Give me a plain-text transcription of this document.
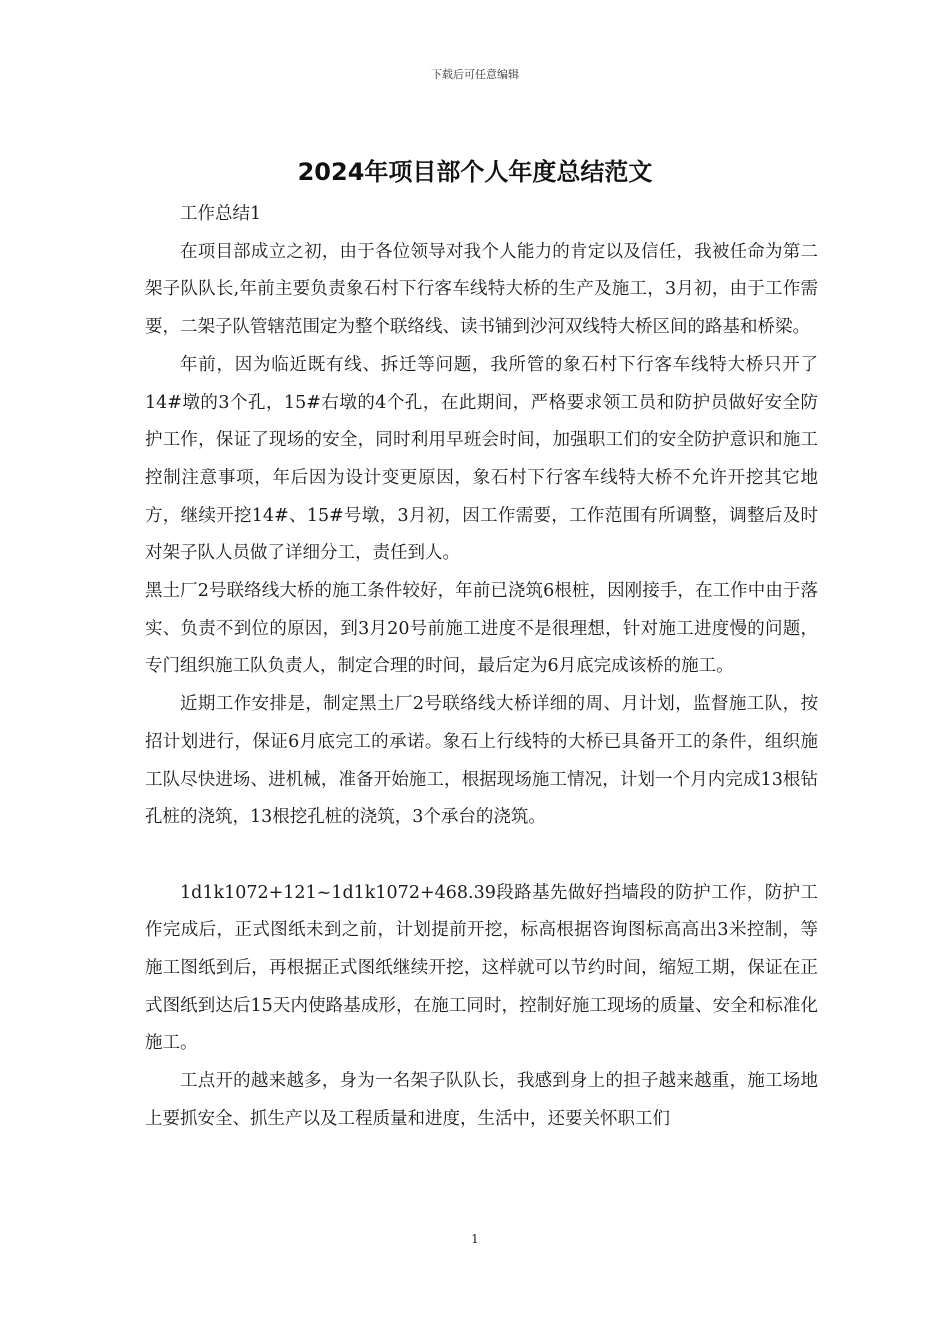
下载后可任意编辑
2024年项目部个人年度总结范文

工作总结1

在项目部成立之初，由于各位领导对我个人能力的肯定以及信任，我被任命为第二架子队队长,年前主要负责象石村下行客车线特大桥的生产及施工，3月初，由于工作需要，二架子队管辖范围定为整个联络线、读书铺到沙河双线特大桥区间的路基和桥梁。

年前，因为临近既有线、拆迁等问题，我所管的象石村下行客车线特大桥只开了14#墩的3个孔，15#右墩的4个孔，在此期间，严格要求领工员和防护员做好安全防护工作，保证了现场的安全，同时利用早班会时间，加强职工们的安全防护意识和施工控制注意事项，年后因为设计变更原因，象石村下行客车线特大桥不允许开挖其它地方，继续开挖14#、15#号墩，3月初，因工作需要，工作范围有所调整，调整后及时对架子队人员做了详细分工，责任到人。

黑土厂2号联络线大桥的施工条件较好，年前已浇筑6根桩，因刚接手，在工作中由于落实、负责不到位的原因，到3月20号前施工进度不是很理想，针对施工进度慢的问题，专门组织施工队负责人，制定合理的时间，最后定为6月底完成该桥的施工。

近期工作安排是，制定黑土厂2号联络线大桥详细的周、月计划，监督施工队，按招计划进行，保证6月底完工的承诺。象石上行线特的大桥已具备开工的条件，组织施工队尽快进场、进机械，准备开始施工，根据现场施工情况，计划一个月内完成13根钻孔桩的浇筑，13根挖孔桩的浇筑，3个承台的浇筑。

1d1k1072+121~1d1k1072+468.39段路基先做好挡墙段的防护工作，防护工作完成后，正式图纸未到之前，计划提前开挖，标高根据咨询图标高高出3米控制，等施工图纸到后，再根据正式图纸继续开挖，这样就可以节约时间，缩短工期，保证在正式图纸到达后15天内使路基成形，在施工同时，控制好施工现场的质量、安全和标准化施工。

工点开的越来越多，身为一名架子队队长，我感到身上的担子越来越重，施工场地上要抓安全、抓生产以及工程质量和进度，生活中，还要关怀职工们

1
